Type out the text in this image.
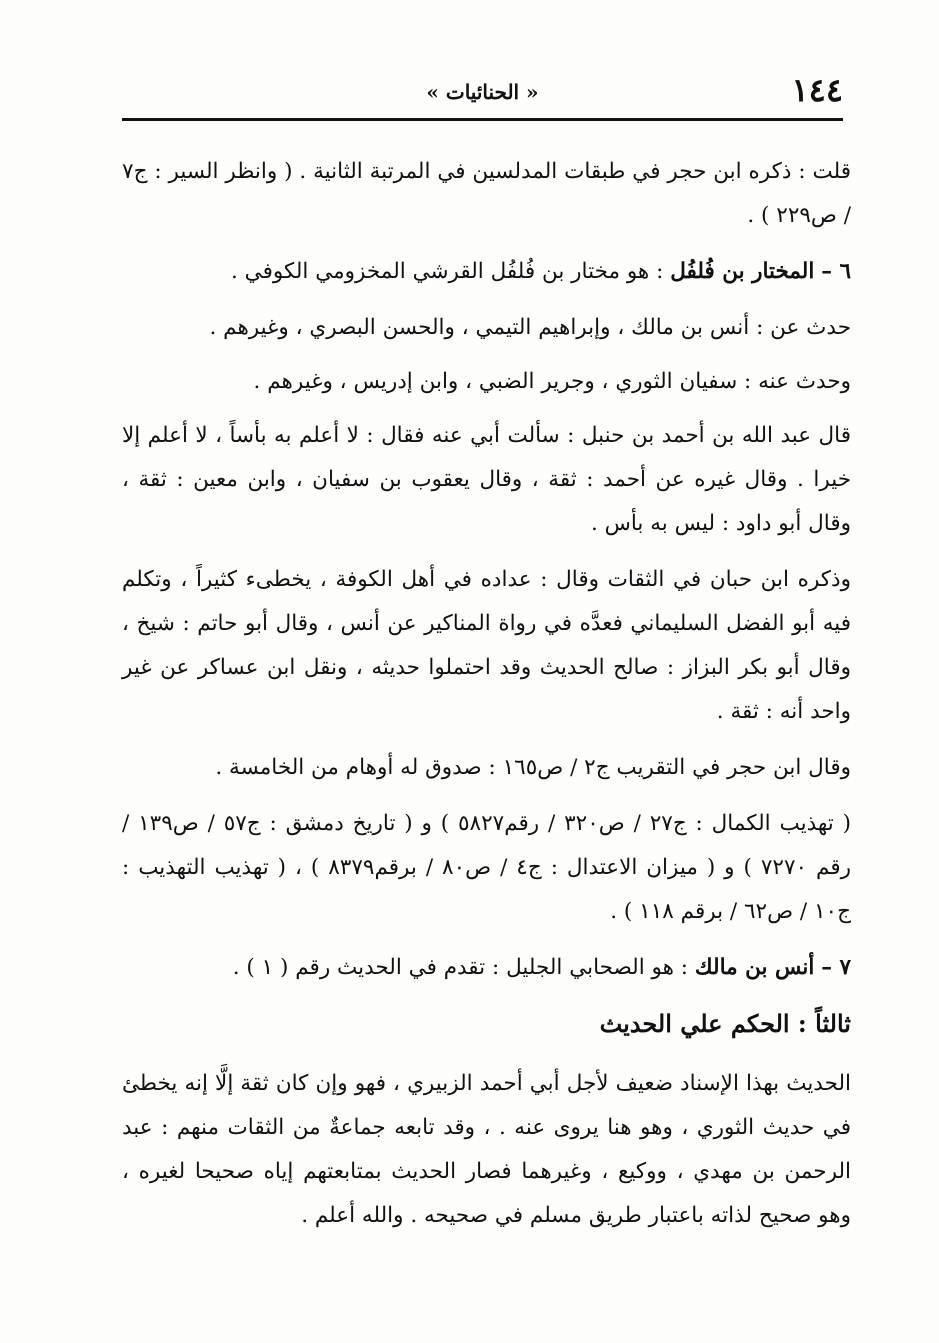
١٤٤
« الحنائيات »

قلت : ذكره ابن حجر في طبقات المدلسين في المرتبة الثانية . ( وانظر السير : ج٧ / ص٢٢٩ ) .

٦ – المختار بن فُلفُل : هو مختار بن فُلفُل القرشي المخزومي الكوفي .

حدث عن : أنس بن مالك ، وإبراهيم التيمي ، والحسن البصري ، وغيرهم .

وحدث عنه : سفيان الثوري ، وجرير الضبي ، وابن إدريس ، وغيرهم .

قال عبد الله بن أحمد بن حنبل : سألت أبي عنه فقال : لا أعلم به بأساً ، لا أعلم إلا خيرا . وقال غيره عن أحمد : ثقة ، وقال يعقوب بن سفيان ، وابن معين : ثقة ، وقال أبو داود : ليس به بأس .

وذكره ابن حبان في الثقات وقال : عداده في أهل الكوفة ، يخطىء كثيراً ، وتكلم فيه أبو الفضل السليماني فعدَّه في رواة المناكير عن أنس ، وقال أبو حاتم : شيخ ، وقال أبو بكر البزاز : صالح الحديث وقد احتملوا حديثه ، ونقل ابن عساكر عن غير واحد أنه : ثقة .

وقال ابن حجر في التقريب ج٢ / ص١٦٥ : صدوق له أوهام من الخامسة .

( تهذيب الكمال : ج٢٧ / ص٣٢٠ / رقم٥٨٢٧ ) و ( تاريخ دمشق : ج٥٧ / ص١٣٩ / رقم ٧٢٧٠ ) و ( ميزان الاعتدال : ج٤ / ص٨٠ / برقم٨٣٧٩ ) ، ( تهذيب التهذيب : ج١٠ / ص٦٢ / برقم ١١٨ ) .

٧ – أنس بن مالك : هو الصحابي الجليل : تقدم في الحديث رقم ( ١ ) .

ثالثاً : الحكم علي الحديث

الحديث بهذا الإسناد ضعيف لأجل أبي أحمد الزبيري ، فهو وإن كان ثقة إلَّا إنه يخطئ في حديث الثوري ، وهو هنا يروى عنه . ، وقد تابعه جماعةٌ من الثقات منهم : عبد الرحمن بن مهدي ، ووكيع ، وغيرهما فصار الحديث بمتابعتهم إياه صحيحا لغيره ، وهو صحيح لذاته باعتبار طريق مسلم في صحيحه . والله أعلم .
